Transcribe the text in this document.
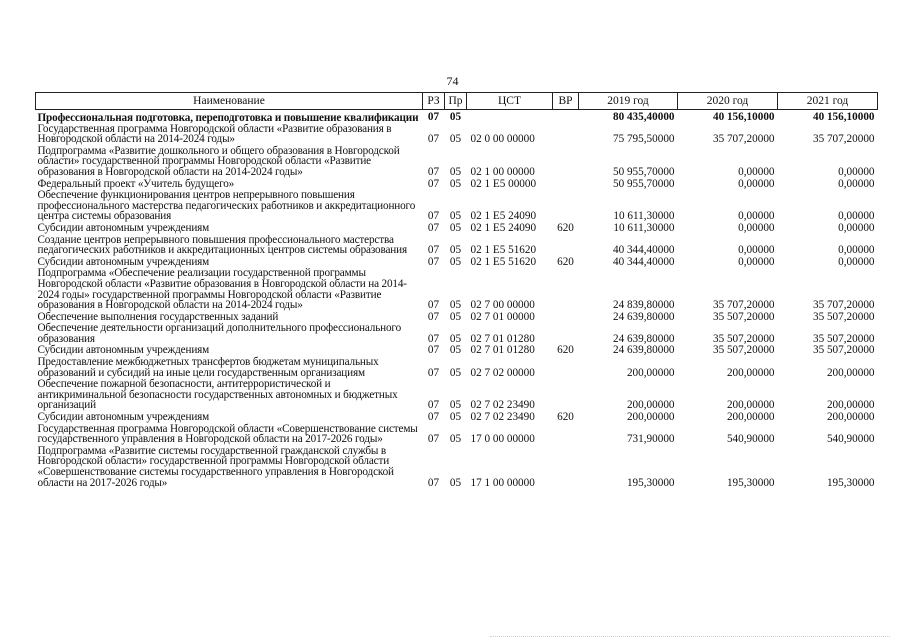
74
Наименование	РЗ	Пр	ЦСТ	ВР	2019 год	2020 год	2021 год
Профессиональная подготовка, переподготовка и повышение квалификации	07	05			80 435,40000	40 156,10000	40 156,10000
Государственная программа Новгородской области «Развитие образования в Новгородской области на 2014-2024 годы»	07	05	02 0 00 00000		75 795,50000	35 707,20000	35 707,20000
Подпрограмма «Развитие дошкольного и общего образования в Новгородской области» государственной программы Новгородской области «Развитие образования в Новгородской области на 2014-2024 годы»	07	05	02 1 00 00000		50 955,70000	0,00000	0,00000
Федеральный проект «Учитель будущего»	07	05	02 1 E5 00000		50 955,70000	0,00000	0,00000
Обеспечение функционирования центров непрерывного повышения профессионального мастерства педагогических работников и аккредитационного центра системы образования	07	05	02 1 E5 24090		10 611,30000	0,00000	0,00000
Субсидии автономным учреждениям	07	05	02 1 E5 24090	620	10 611,30000	0,00000	0,00000
Создание центров непрерывного повышения профессионального мастерства педагогических работников и аккредитационных центров системы образования	07	05	02 1 E5 51620		40 344,40000	0,00000	0,00000
Субсидии автономным учреждениям	07	05	02 1 E5 51620	620	40 344,40000	0,00000	0,00000
Подпрограмма «Обеспечение реализации государственной программы Новгородской области «Развитие образования в Новгородской области на 2014-2024 годы» государственной программы Новгородской области «Развитие образования в Новгородской области на 2014-2024 годы»	07	05	02 7 00 00000		24 839,80000	35 707,20000	35 707,20000
Обеспечение выполнения государственных заданий	07	05	02 7 01 00000		24 639,80000	35 507,20000	35 507,20000
Обеспечение деятельности организаций дополнительного профессионального образования	07	05	02 7 01 01280		24 639,80000	35 507,20000	35 507,20000
Субсидии автономным учреждениям	07	05	02 7 01 01280	620	24 639,80000	35 507,20000	35 507,20000
Предоставление межбюджетных трансфертов бюджетам муниципальных образований и субсидий на иные цели государственным организациям	07	05	02 7 02 00000		200,00000	200,00000	200,00000
Обеспечение пожарной безопасности, антитеррористической и антикриминальной безопасности государственных автономных и бюджетных организаций	07	05	02 7 02 23490		200,00000	200,00000	200,00000
Субсидии автономным учреждениям	07	05	02 7 02 23490	620	200,00000	200,00000	200,00000
Государственная программа Новгородской области «Совершенствование системы государственного управления в Новгородской области на 2017-2026 годы»	07	05	17 0 00 00000		731,90000	540,90000	540,90000
Подпрограмма «Развитие системы государственной гражданской службы в Новгородской области» государственной программы Новгородской области «Совершенствование системы государственного управления в Новгородской области на 2017-2026 годы»	07	05	17 1 00 00000		195,30000	195,30000	195,30000
